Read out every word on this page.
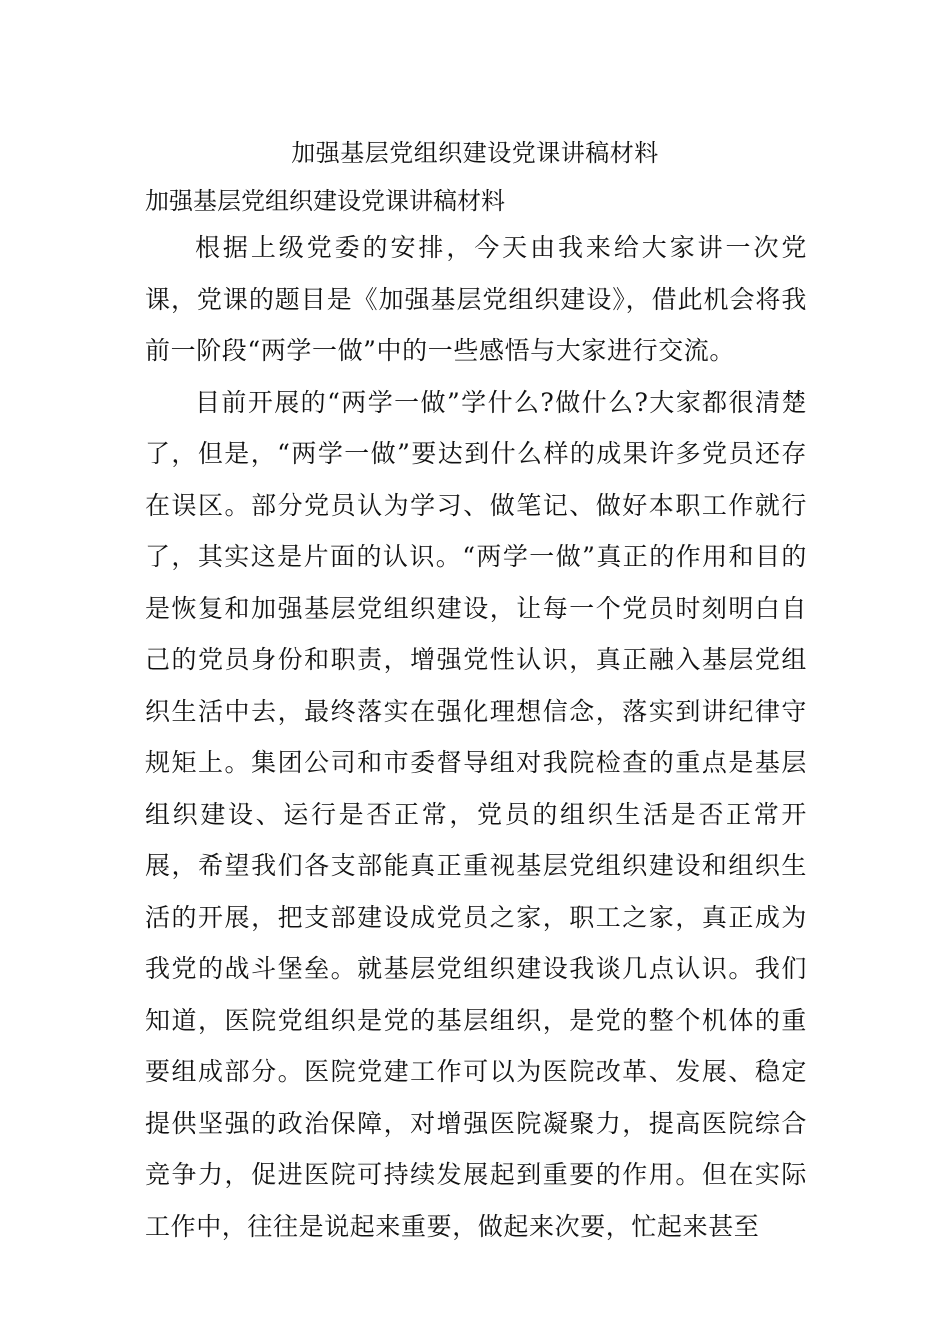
加强基层党组织建设党课讲稿材料

加强基层党组织建设党课讲稿材料

根据上级党委的安排，今天由我来给大家讲一次党课，党课的题目是《加强基层党组织建设》，借此机会将我前一阶段“两学一做”中的一些感悟与大家进行交流。

目前开展的“两学一做”学什么?做什么?大家都很清楚了，但是，“两学一做”要达到什么样的成果许多党员还存在误区。部分党员认为学习、做笔记、做好本职工作就行了，其实这是片面的认识。“两学一做”真正的作用和目的是恢复和加强基层党组织建设，让每一个党员时刻明白自己的党员身份和职责，增强党性认识，真正融入基层党组织生活中去，最终落实在强化理想信念，落实到讲纪律守规矩上。集团公司和市委督导组对我院检查的重点是基层组织建设、运行是否正常，党员的组织生活是否正常开展，希望我们各支部能真正重视基层党组织建设和组织生活的开展，把支部建设成党员之家，职工之家，真正成为我党的战斗堡垒。就基层党组织建设我谈几点认识。我们知道，医院党组织是党的基层组织，是党的整个机体的重要组成部分。医院党建工作可以为医院改革、发展、稳定提供坚强的政治保障，对增强医院凝聚力，提高医院综合竞争力，促进医院可持续发展起到重要的作用。但在实际工作中，往往是说起来重要，做起来次要，忙起来甚至
